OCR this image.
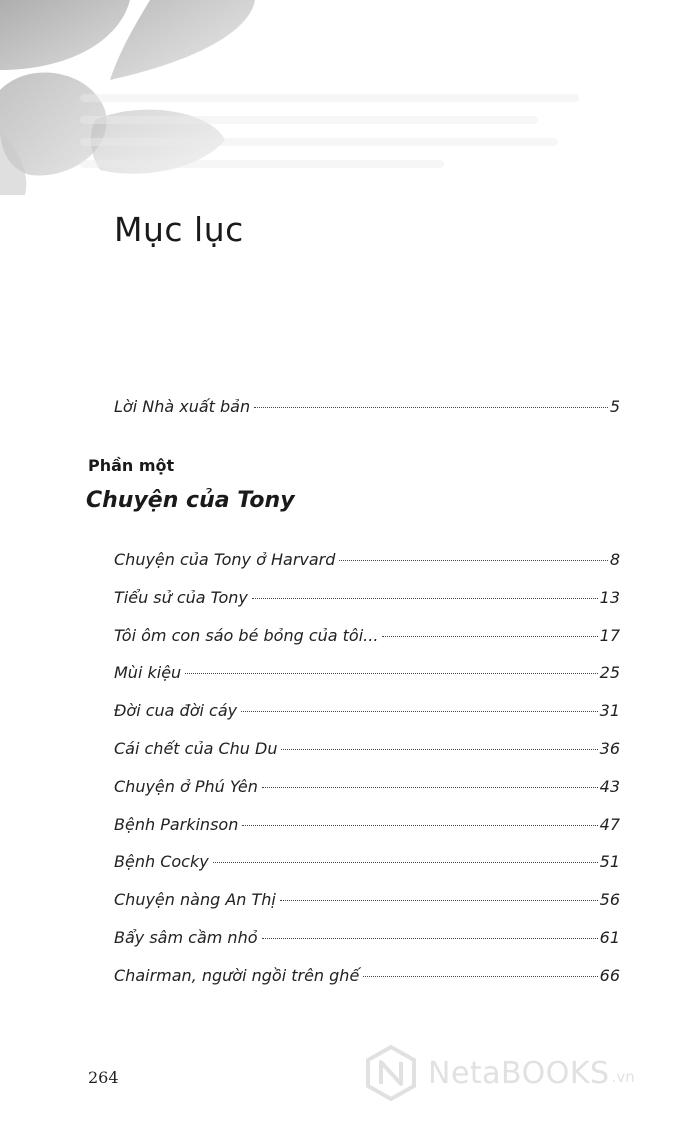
Mục lục
Lời Nhà xuất bản	5
Phần một
Chuyện của Tony
Chuyện của Tony ở Harvard	8
Tiểu sử của Tony	13
Tôi ôm con sáo bé bỏng của tôi...	17
Mùi kiệu	25
Đời cua đời cáy	31
Cái chết của Chu Du	36
Chuyện ở Phú Yên	43
Bệnh Parkinson	47
Bệnh Cocky	51
Chuyện nàng An Thị	56
Bẩy sâm cầm nhỏ	61
Chairman, người ngồi trên ghế	66
264	NetaBOOKS .vn
